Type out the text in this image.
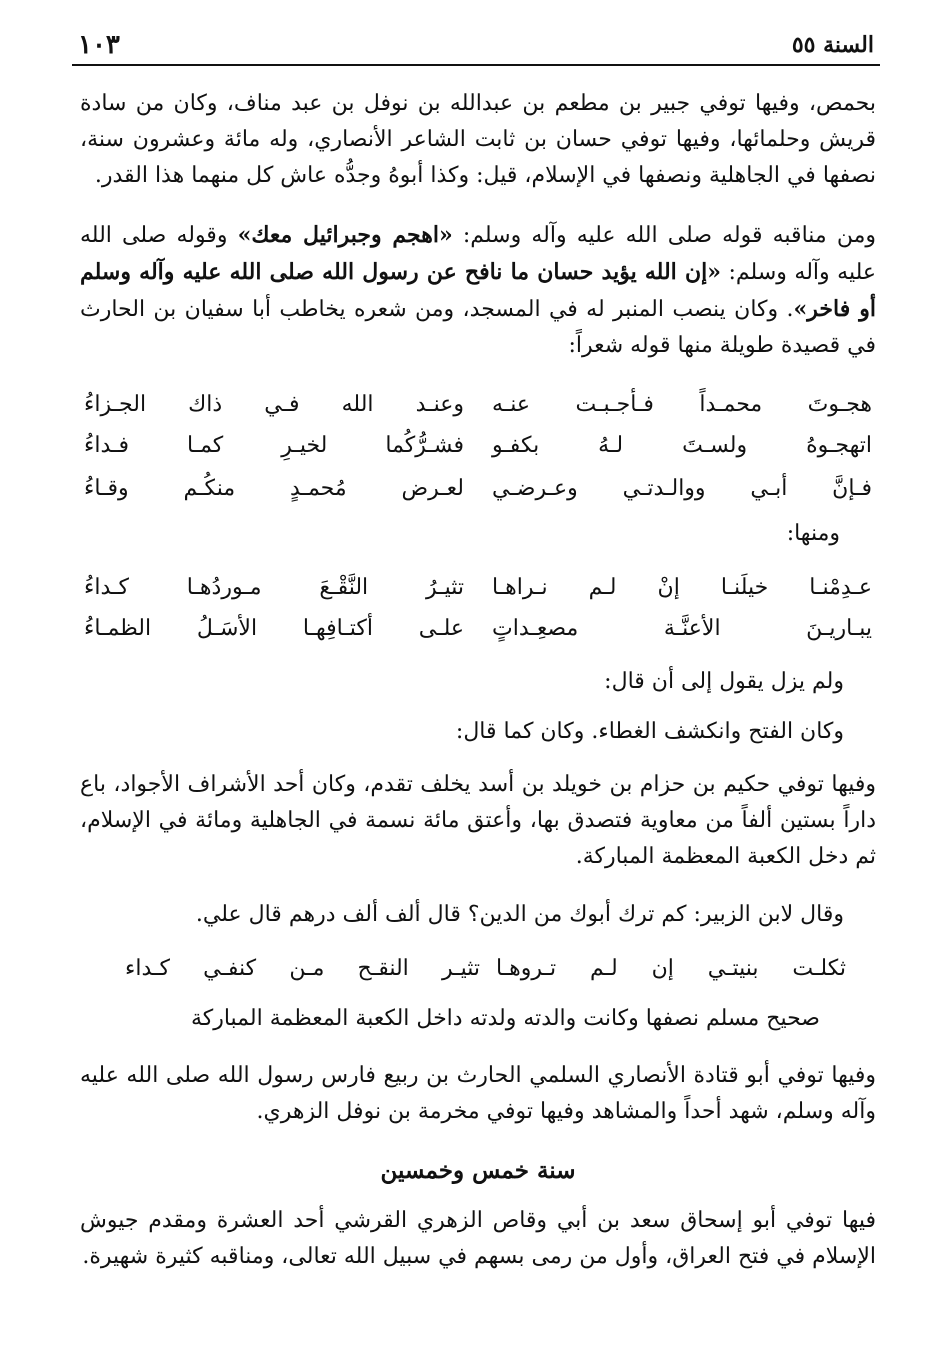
السنة ٥٥
١٠٣
بحمص، وفيها توفي جبير بن مطعم بن عبدالله بن نوفل بن عبد مناف، وكان من سادة قريش وحلمائها، وفيها توفي حسان بن ثابت الشاعر الأنصاري، وله مائة وعشرون سنة، نصفها في الجاهلية ونصفها في الإسلام، قيل: وكذا أبوهُ وجدُّه عاش كل منهما هذا القدر.
ومن مناقبه قوله صلى الله عليه وآله وسلم: «اهجم وجبرائيل معك» وقوله صلى الله عليه وآله وسلم: «إن الله يؤيد حسان ما نافح عن رسول الله صلى الله عليه وآله وسلم أو فاخر». وكان ينصب المنبر له في المسجد، ومن شعره يخاطب أبا سفيان بن الحارث في قصيدة طويلة منها قوله شعراً:
هجـوتَ محمـداً فـأجـبـت عنـه
وعنـد الله فـي ذاك الجـزاءُ
اتهجـوهُ ولسـتَ لـهُ بكفـو
فشـرُّكُما لخيـرِ كمـا فـداءُ
فـإنَّ أبـي ووالـدتـي وعـرضـي
لعـرض مُحمـدٍ منكُـم وقـاءُ
ومنها:
عـدِمْنـا خيلَنـا إنْ لـم نـراهـا
تثيـرُ النَّقْـعَ مـوردُهـا كـداءُ
يبـاريـنَ الأعنَّـة مصعِـداتٍ
علـى أكتـافِهـا الأسَـلُ الظمـاءُ
ولم يزل يقول إلى أن قال:
وكان الفتح وانكشف الغطاء. وكان كما قال:
وفيها توفي حكيم بن حزام بن خويلد بن أسد يخلف تقدم، وكان أحد الأشراف الأجواد، باع داراً بستين ألفاً من معاوية فتصدق بها، وأعتق مائة نسمة في الجاهلية ومائة في الإسلام، ثم دخل الكعبة المعظمة المباركة.
وقال لابن الزبير: كم ترك أبوك من الدين؟ قال ألف ألف درهم قال علي.
ثكلـت بنيتـي إن لـم تـروهـا
تثيـر النقـح مـن كنفـي كـداء
صحيح مسلم نصفها وكانت والدته ولدته داخل الكعبة المعظمة المباركة
وفيها توفي أبو قتادة الأنصاري السلمي الحارث بن ربيع فارس رسول الله صلى الله عليه وآله وسلم، شهد أحداً والمشاهد وفيها توفي مخرمة بن نوفل الزهري.
سنة خمس وخمسين
فيها توفي أبو إسحاق سعد بن أبي وقاص الزهري القرشي أحد العشرة ومقدم جيوش الإسلام في فتح العراق، وأول من رمى بسهم في سبيل الله تعالى، ومناقبه كثيرة شهيرة.
